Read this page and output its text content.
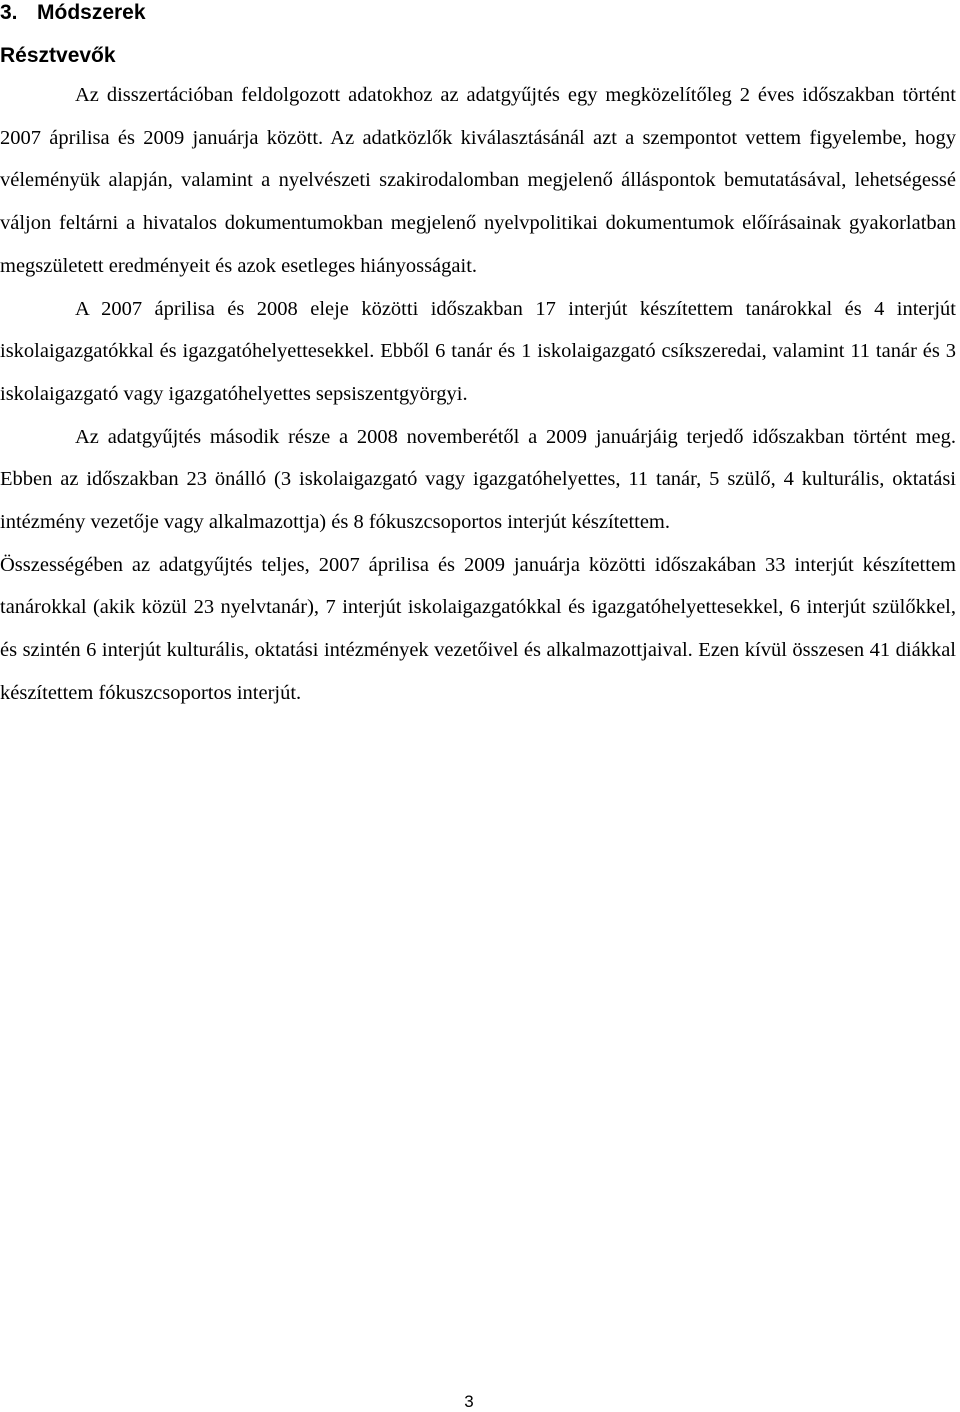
3. Módszerek
Résztvevők

Az disszertációban feldolgozott adatokhoz az adatgyűjtés egy megközelítőleg 2 éves időszakban történt 2007 áprilisa és 2009 januárja között. Az adatközlők kiválasztásánál azt a szempontot vettem figyelembe, hogy véleményük alapján, valamint a nyelvészeti szakirodalomban megjelenő álláspontok bemutatásával, lehetségessé váljon feltárni a hivatalos dokumentumokban megjelenő nyelvpolitikai dokumentumok előírásainak gyakorlatban megszületett eredményeit és azok esetleges hiányosságait.

A 2007 áprilisa és 2008 eleje közötti időszakban 17 interjút készítettem tanárokkal és 4 interjút iskolaigazgatókkal és igazgatóhelyettesekkel. Ebből 6 tanár és 1 iskolaigazgató csíkszeredai, valamint 11 tanár és 3 iskolaigazgató vagy igazgatóhelyettes sepsiszentgyörgyi.

Az adatgyűjtés második része a 2008 novemberétől a 2009 januárjáig terjedő időszakban történt meg. Ebben az időszakban 23 önálló (3 iskolaigazgató vagy igazgatóhelyettes, 11 tanár, 5 szülő, 4 kulturális, oktatási intézmény vezetője vagy alkalmazottja) és 8 fókuszcsoportos interjút készítettem.

Összességében az adatgyűjtés teljes, 2007 áprilisa és 2009 januárja közötti időszakában 33 interjút készítettem tanárokkal (akik közül 23 nyelvtanár), 7 interjút iskolaigazgatókkal és igazgatóhelyettesekkel, 6 interjút szülőkkel, és szintén 6 interjút kulturális, oktatási intézmények vezetőivel és alkalmazottjaival. Ezen kívül összesen 41 diákkal készítettem fókuszcsoportos interjút.

3
